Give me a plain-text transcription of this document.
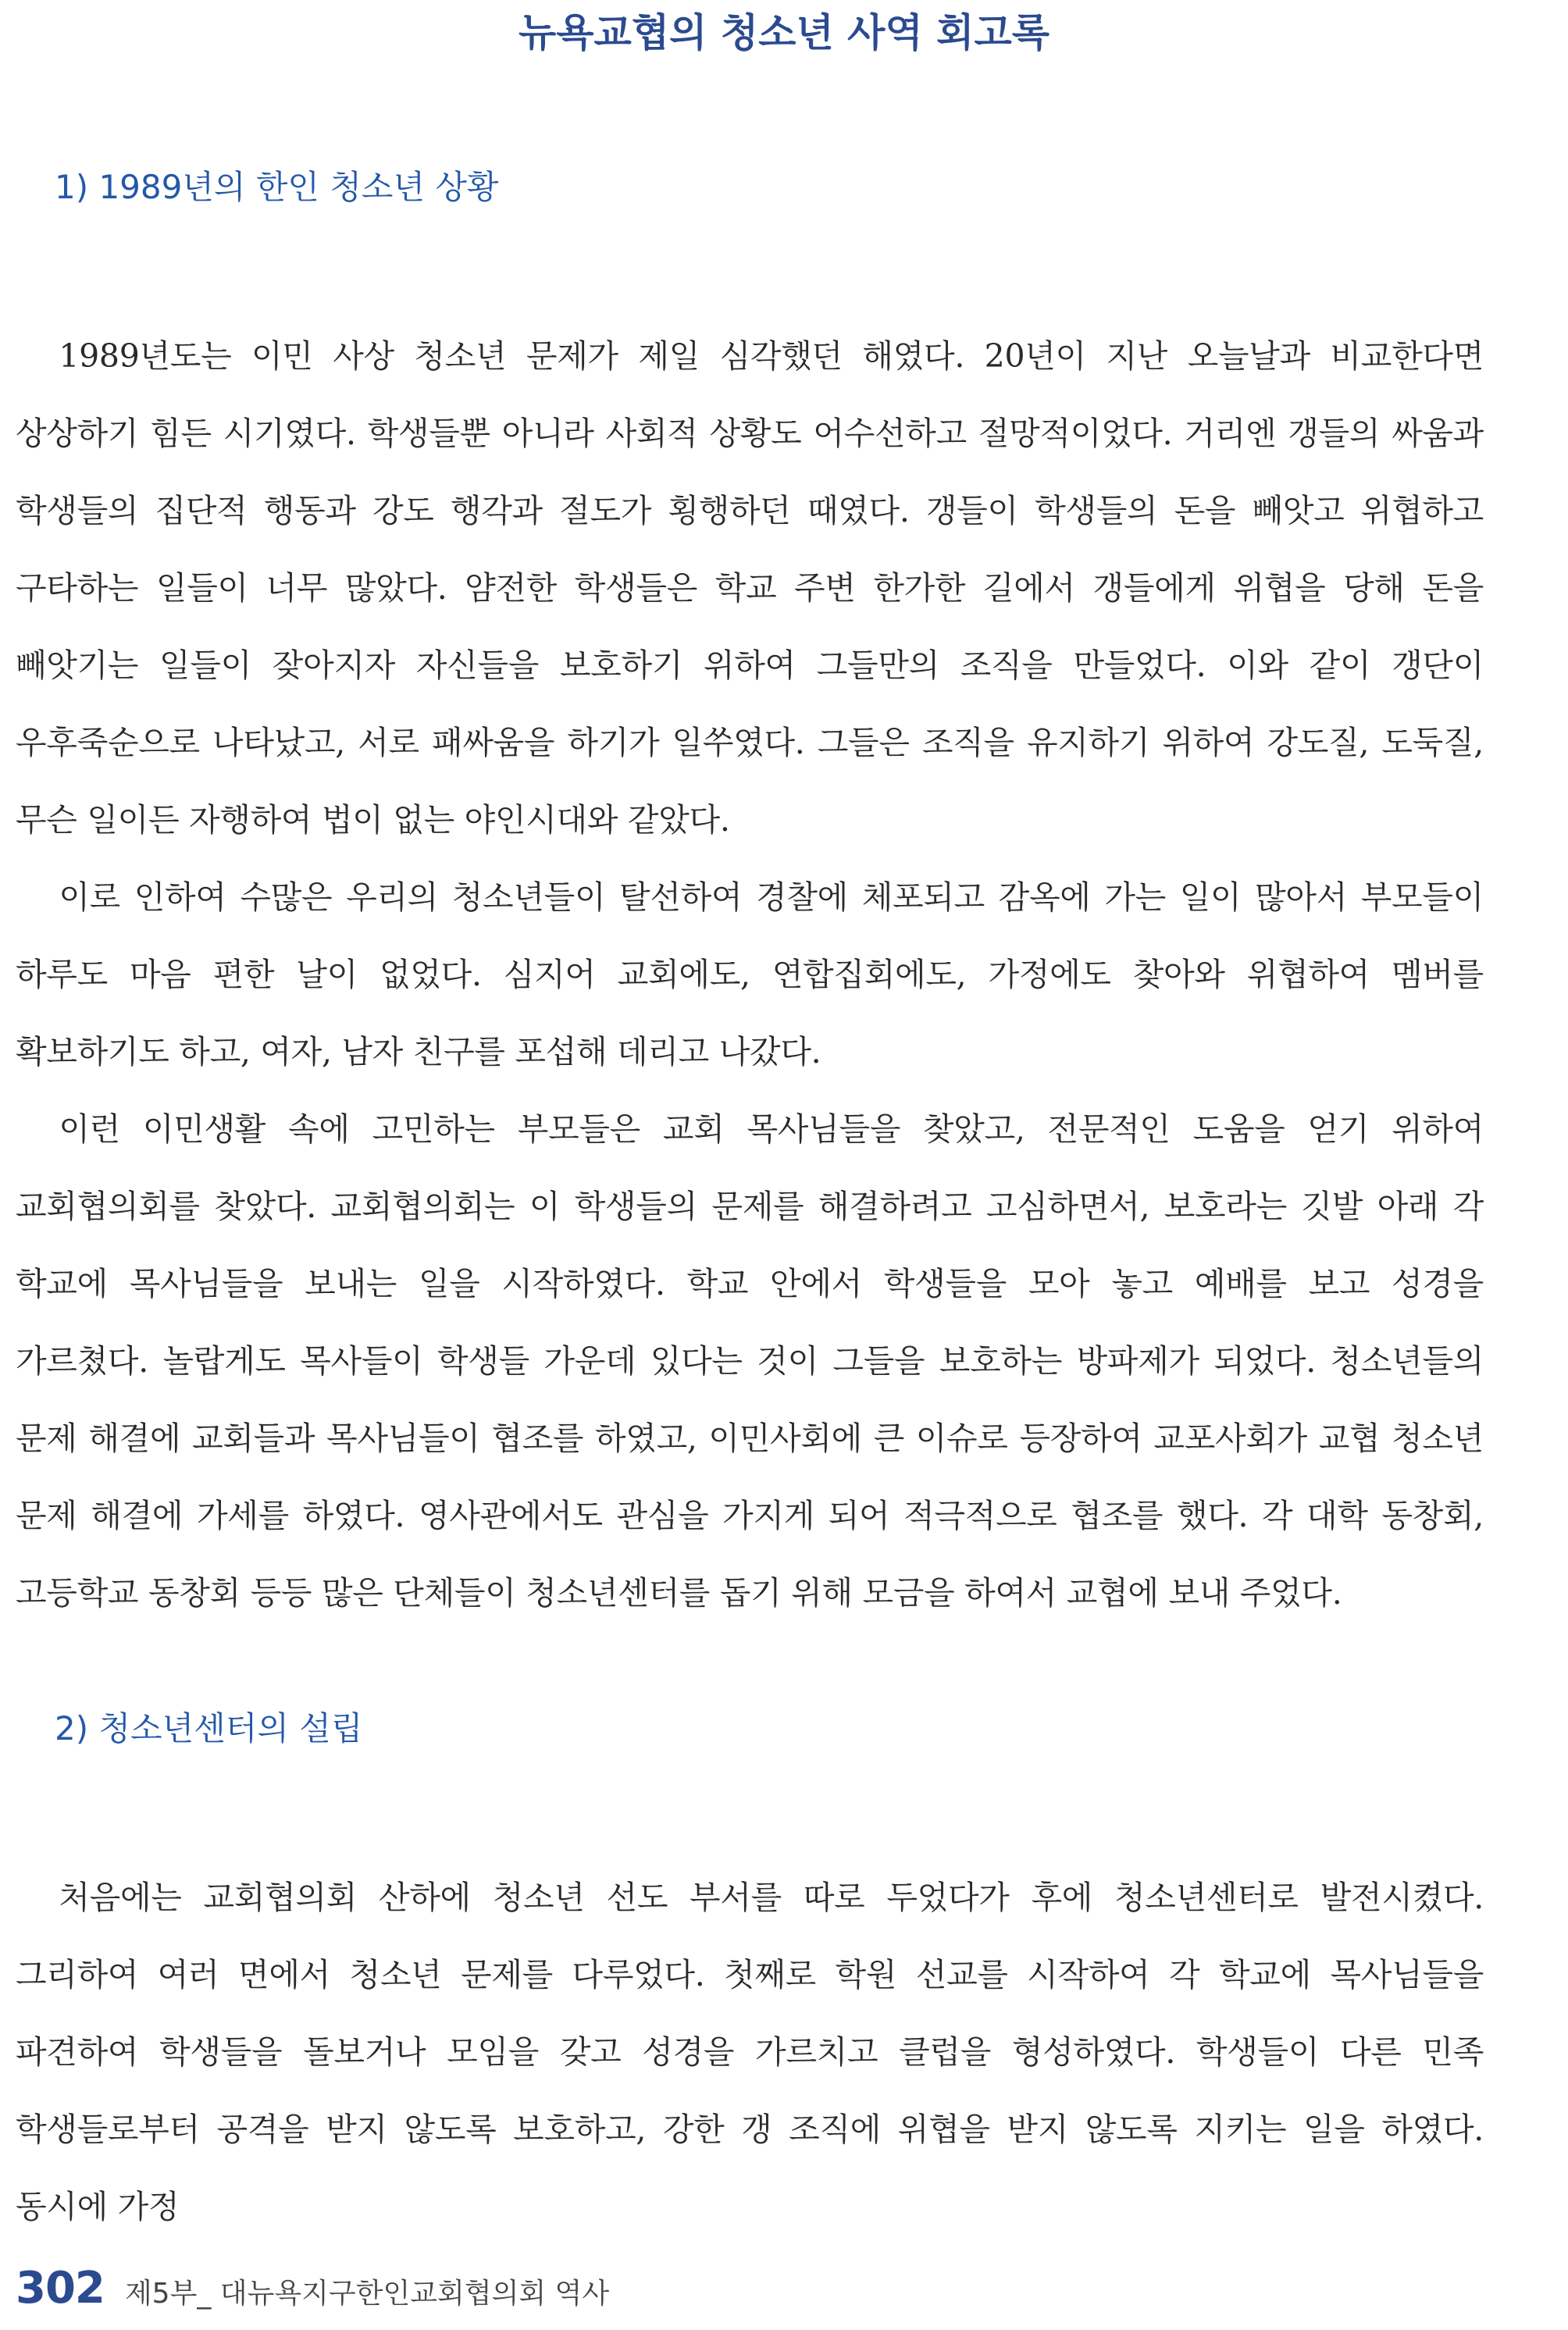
뉴욕교협의 청소년 사역 회고록
1) 1989년의 한인 청소년 상황

1989년도는 이민 사상 청소년 문제가 제일 심각했던 해였다. 20년이 지난 오늘날과 비교한다면 상상하기 힘든 시기였다. 학생들뿐 아니라 사회적 상황도 어수선하고 절망적이었다. 거리엔 갱들의 싸움과 학생들의 집단적 행동과 강도 행각과 절도가 횡행하던 때였다. 갱들이 학생들의 돈을 빼앗고 위협하고 구타하는 일들이 너무 많았다. 얌전한 학생들은 학교 주변 한가한 길에서 갱들에게 위협을 당해 돈을 빼앗기는 일들이 잦아지자 자신들을 보호하기 위하여 그들만의 조직을 만들었다. 이와 같이 갱단이 우후죽순으로 나타났고, 서로 패싸움을 하기가 일쑤였다. 그들은 조직을 유지하기 위하여 강도질, 도둑질, 무슨 일이든 자행하여 법이 없는 야인시대와 같았다.

이로 인하여 수많은 우리의 청소년들이 탈선하여 경찰에 체포되고 감옥에 가는 일이 많아서 부모들이 하루도 마음 편한 날이 없었다. 심지어 교회에도, 연합집회에도, 가정에도 찾아와 위협하여 멤버를 확보하기도 하고, 여자, 남자 친구를 포섭해 데리고 나갔다.

이런 이민생활 속에 고민하는 부모들은 교회 목사님들을 찾았고, 전문적인 도움을 얻기 위하여 교회협의회를 찾았다. 교회협의회는 이 학생들의 문제를 해결하려고 고심하면서, 보호라는 깃발 아래 각 학교에 목사님들을 보내는 일을 시작하였다. 학교 안에서 학생들을 모아 놓고 예배를 보고 성경을 가르쳤다. 놀랍게도 목사들이 학생들 가운데 있다는 것이 그들을 보호하는 방파제가 되었다. 청소년들의 문제 해결에 교회들과 목사님들이 협조를 하였고, 이민사회에 큰 이슈로 등장하여 교포사회가 교협 청소년 문제 해결에 가세를 하였다. 영사관에서도 관심을 가지게 되어 적극적으로 협조를 했다. 각 대학 동창회, 고등학교 동창회 등등 많은 단체들이 청소년센터를 돕기 위해 모금을 하여서 교협에 보내 주었다.

2) 청소년센터의 설립

처음에는 교회협의회 산하에 청소년 선도 부서를 따로 두었다가 후에 청소년센터로 발전시켰다. 그리하여 여러 면에서 청소년 문제를 다루었다. 첫째로 학원 선교를 시작하여 각 학교에 목사님들을 파견하여 학생들을 돌보거나 모임을 갖고 성경을 가르치고 클럽을 형성하였다. 학생들이 다른 민족 학생들로부터 공격을 받지 않도록 보호하고, 강한 갱 조직에 위협을 받지 않도록 지키는 일을 하였다. 동시에 가정

302 제5부_ 대뉴욕지구한인교회협의회 역사
